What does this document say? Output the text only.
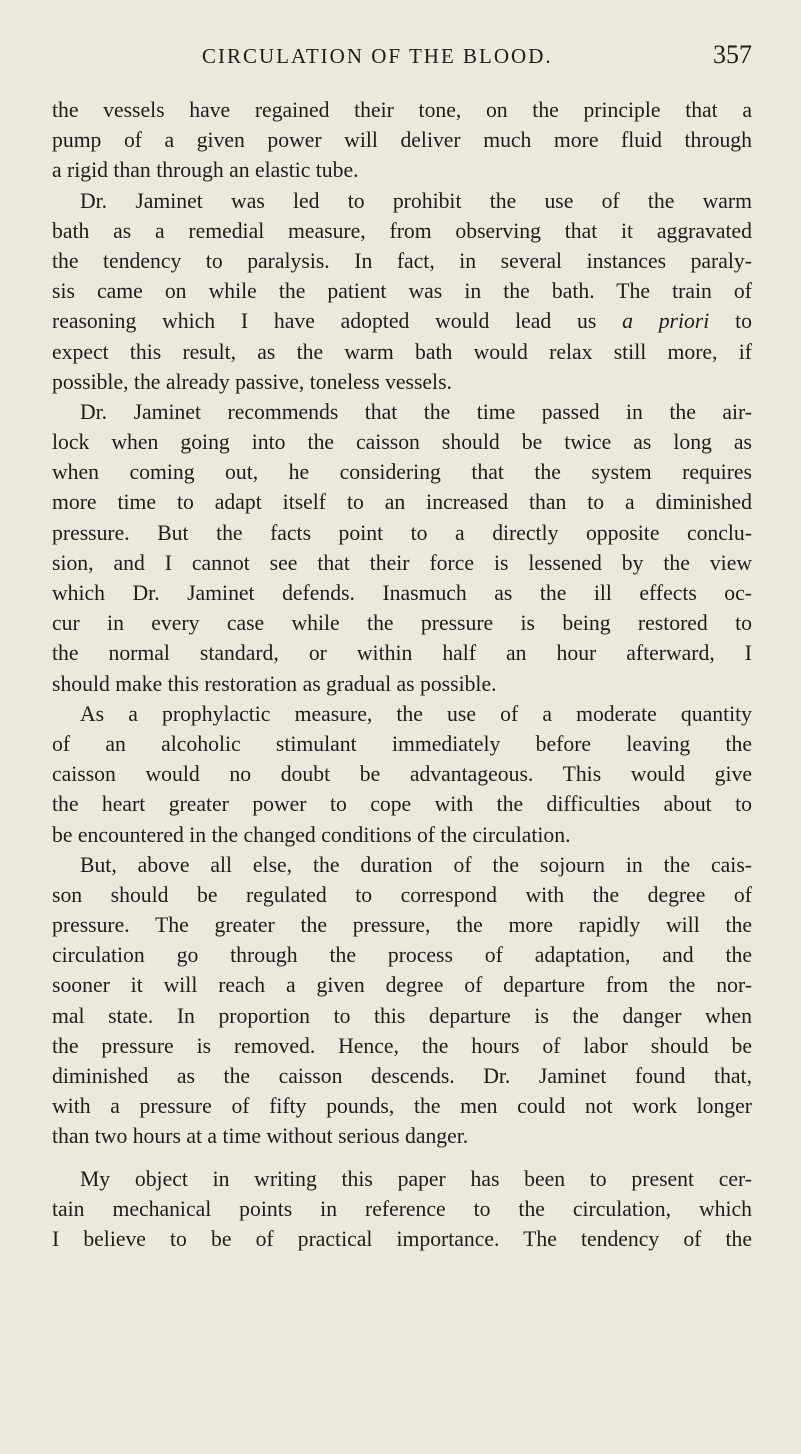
CIRCULATION OF THE BLOOD.	357
the vessels have regained their tone, on the principle that a
pump of a given power will deliver much more fluid through
a rigid than through an elastic tube.
Dr. Jaminet was led to prohibit the use of the warm
bath as a remedial measure, from observing that it aggravated
the tendency to paralysis. In fact, in several instances paraly-
sis came on while the patient was in the bath. The train of
reasoning which I have adopted would lead us a priori to
expect this result, as the warm bath would relax still more, if
possible, the already passive, toneless vessels.
Dr. Jaminet recommends that the time passed in the air-
lock when going into the caisson should be twice as long as
when coming out, he considering that the system requires
more time to adapt itself to an increased than to a diminished
pressure. But the facts point to a directly opposite conclu-
sion, and I cannot see that their force is lessened by the view
which Dr. Jaminet defends. Inasmuch as the ill effects oc-
cur in every case while the pressure is being restored to
the normal standard, or within half an hour afterward, I
should make this restoration as gradual as possible.
As a prophylactic measure, the use of a moderate quantity
of an alcoholic stimulant immediately before leaving the
caisson would no doubt be advantageous. This would give
the heart greater power to cope with the difficulties about to
be encountered in the changed conditions of the circulation.
But, above all else, the duration of the sojourn in the cais-
son should be regulated to correspond with the degree of
pressure. The greater the pressure, the more rapidly will the
circulation go through the process of adaptation, and the
sooner it will reach a given degree of departure from the nor-
mal state. In proportion to this departure is the danger when
the pressure is removed. Hence, the hours of labor should be
diminished as the caisson descends. Dr. Jaminet found that,
with a pressure of fifty pounds, the men could not work longer
than two hours at a time without serious danger.
My object in writing this paper has been to present cer-
tain mechanical points in reference to the circulation, which
I believe to be of practical importance. The tendency of the
